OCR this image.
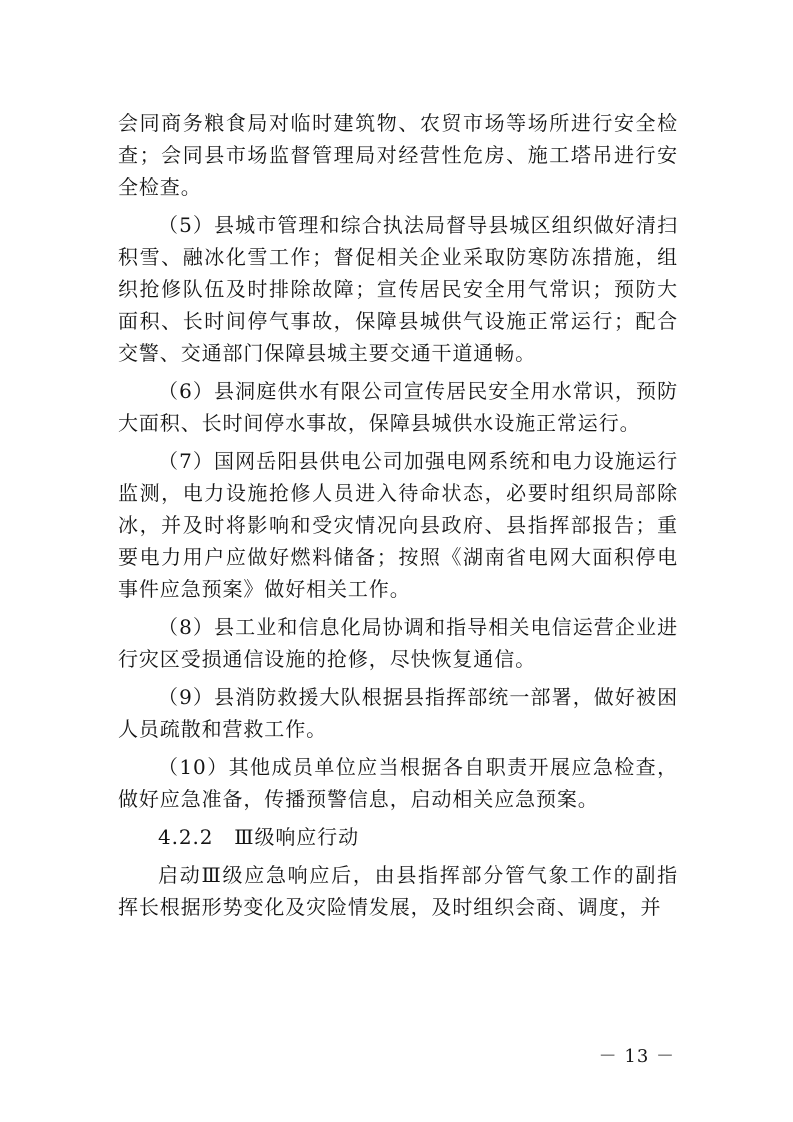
会同商务粮食局对临时建筑物、农贸市场等场所进行安全检查；会同县市场监督管理局对经营性危房、施工塔吊进行安全检查。

（5）县城市管理和综合执法局督导县城区组织做好清扫积雪、融冰化雪工作；督促相关企业采取防寒防冻措施，组织抢修队伍及时排除故障；宣传居民安全用气常识；预防大面积、长时间停气事故，保障县城供气设施正常运行；配合交警、交通部门保障县城主要交通干道通畅。

（6）县洞庭供水有限公司宣传居民安全用水常识，预防大面积、长时间停水事故，保障县城供水设施正常运行。

（7）国网岳阳县供电公司加强电网系统和电力设施运行监测，电力设施抢修人员进入待命状态，必要时组织局部除冰，并及时将影响和受灾情况向县政府、县指挥部报告；重要电力用户应做好燃料储备；按照《湖南省电网大面积停电事件应急预案》做好相关工作。

（8）县工业和信息化局协调和指导相关电信运营企业进行灾区受损通信设施的抢修，尽快恢复通信。

（9）县消防救援大队根据县指挥部统一部署，做好被困人员疏散和营救工作。

（10）其他成员单位应当根据各自职责开展应急检查，做好应急准备，传播预警信息，启动相关应急预案。

4.2.2　Ⅲ级响应行动

启动Ⅲ级应急响应后，由县指挥部分管气象工作的副指挥长根据形势变化及灾险情发展，及时组织会商、调度，并

－ 13 －
